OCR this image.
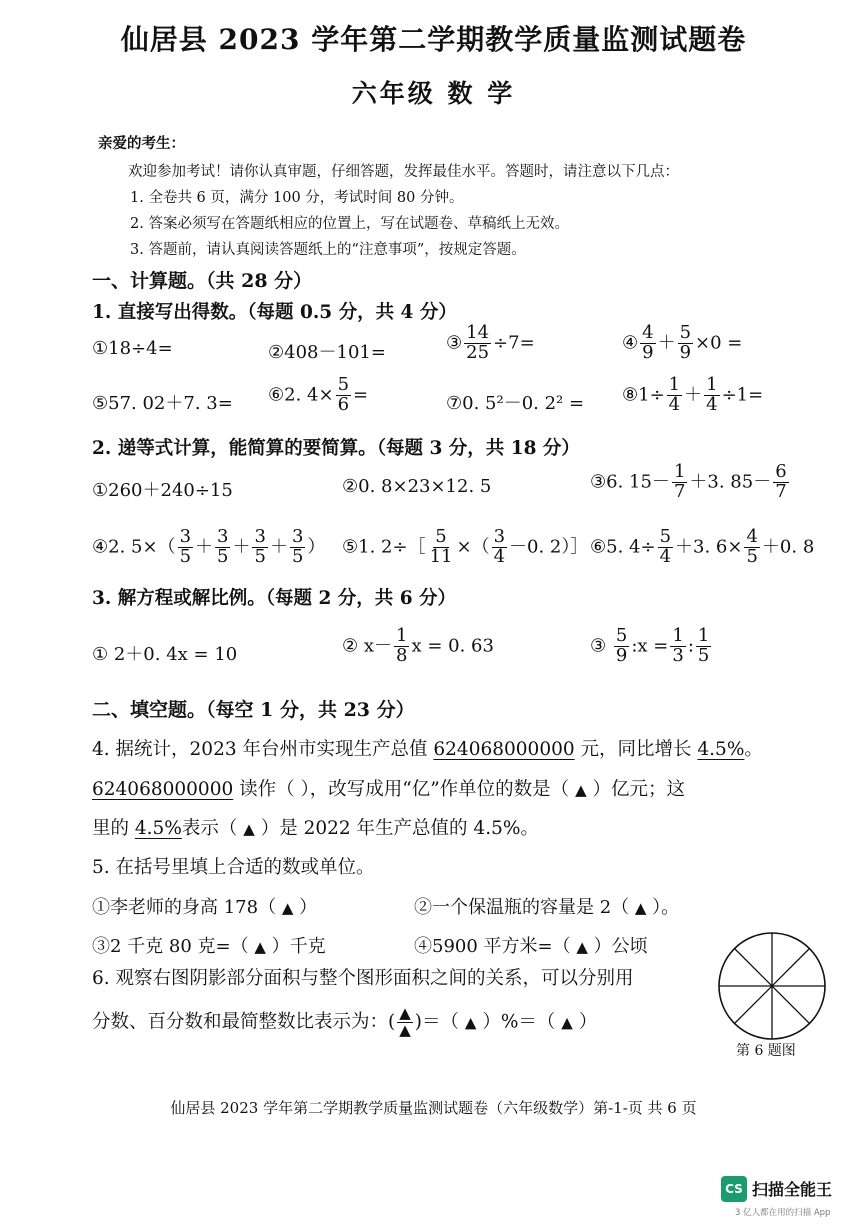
仙居县 2023 学年第二学期教学质量监测试题卷
六年级 数 学
亲爱的考生：
欢迎参加考试！请你认真审题，仔细答题，发挥最佳水平。答题时，请注意以下几点：
1. 全卷共 6 页，满分 100 分，考试时间 80 分钟。
2. 答案必须写在答题纸相应的位置上，写在试题卷、草稿纸上无效。
3. 答题前，请认真阅读答题纸上的“注意事项”，按规定答题。
一、计算题。（共 28 分）
1. 直接写出得数。（每题 0.5 分，共 4 分）
①18÷4=	②408－101=	③ $\frac{14}{25} \div 7=$	④ $\frac{4}{9} + \frac{5}{9} \times 0$ =
⑤57. 02＋7. 3= ⑥2. $4\times \frac{5}{6}$ =	⑦0. 5²－0. 2² = ⑧1÷ $\frac{1}{4} + \frac{1}{4} \div 1=$
2. 递等式计算，能简算的要简算。（每题 3 分，共 18 分）
①260＋240÷15	②0. 8×23×12. 5	③6. $15- \frac{1}{7} +3$. $85- \frac{6}{7}$
④2. $5\times( \frac{3}{5} + \frac{3}{5} + \frac{3}{5} + \frac{3}{5}$ ） ⑤1. 2÷［ $\frac{5}{11}$ ×（ $\frac{3}{4} -0$. 2）］ ⑥5. $4\div \frac{5}{4} +3$. $6\times \frac{4}{5} +0$. 8
3. 解方程或解比例。（每题 2 分，共 6 分）
① 2＋0. 4x = 10	② $x- \frac{1}{8}$ x = 0. 63	③ $\frac{5}{9}$ :x = $\frac{1}{3}$ : $\frac{1}{5}$
二、填空题。（每空 1 分，共 23 分）
4. 据统计，2023 年台州市实现生产总值 624068000000 元，同比增长 4.5%。
624068000000 读作（ ），改写成用“亿”作单位的数是（ ▲ ）亿元；这
里的 4.5%表示（ ▲ ）是 2022 年生产总值的 4.5%。
5. 在括号里填上合适的数或单位。
①李老师的身高 178（ ▲ ）	②一个保温瓶的容量是 2（ ▲ ）。
③2 千克 80 克=（ ▲ ）千克	④5900 平方米=（ ▲ ）公顷
6. 观察右图阴影部分面积与整个图形面积之间的关系，可以分别用
分数、百分数和最简整数比表示为：( $\frac{▲}{▲}$ )＝（ ▲ ）%＝（ ▲ ）
第 6 题图
仙居县 2023 学年第二学期教学质量监测试题卷（六年级数学）第-1-页 共 6 页
CS 扫描全能王
3 亿人都在用的扫描 App
